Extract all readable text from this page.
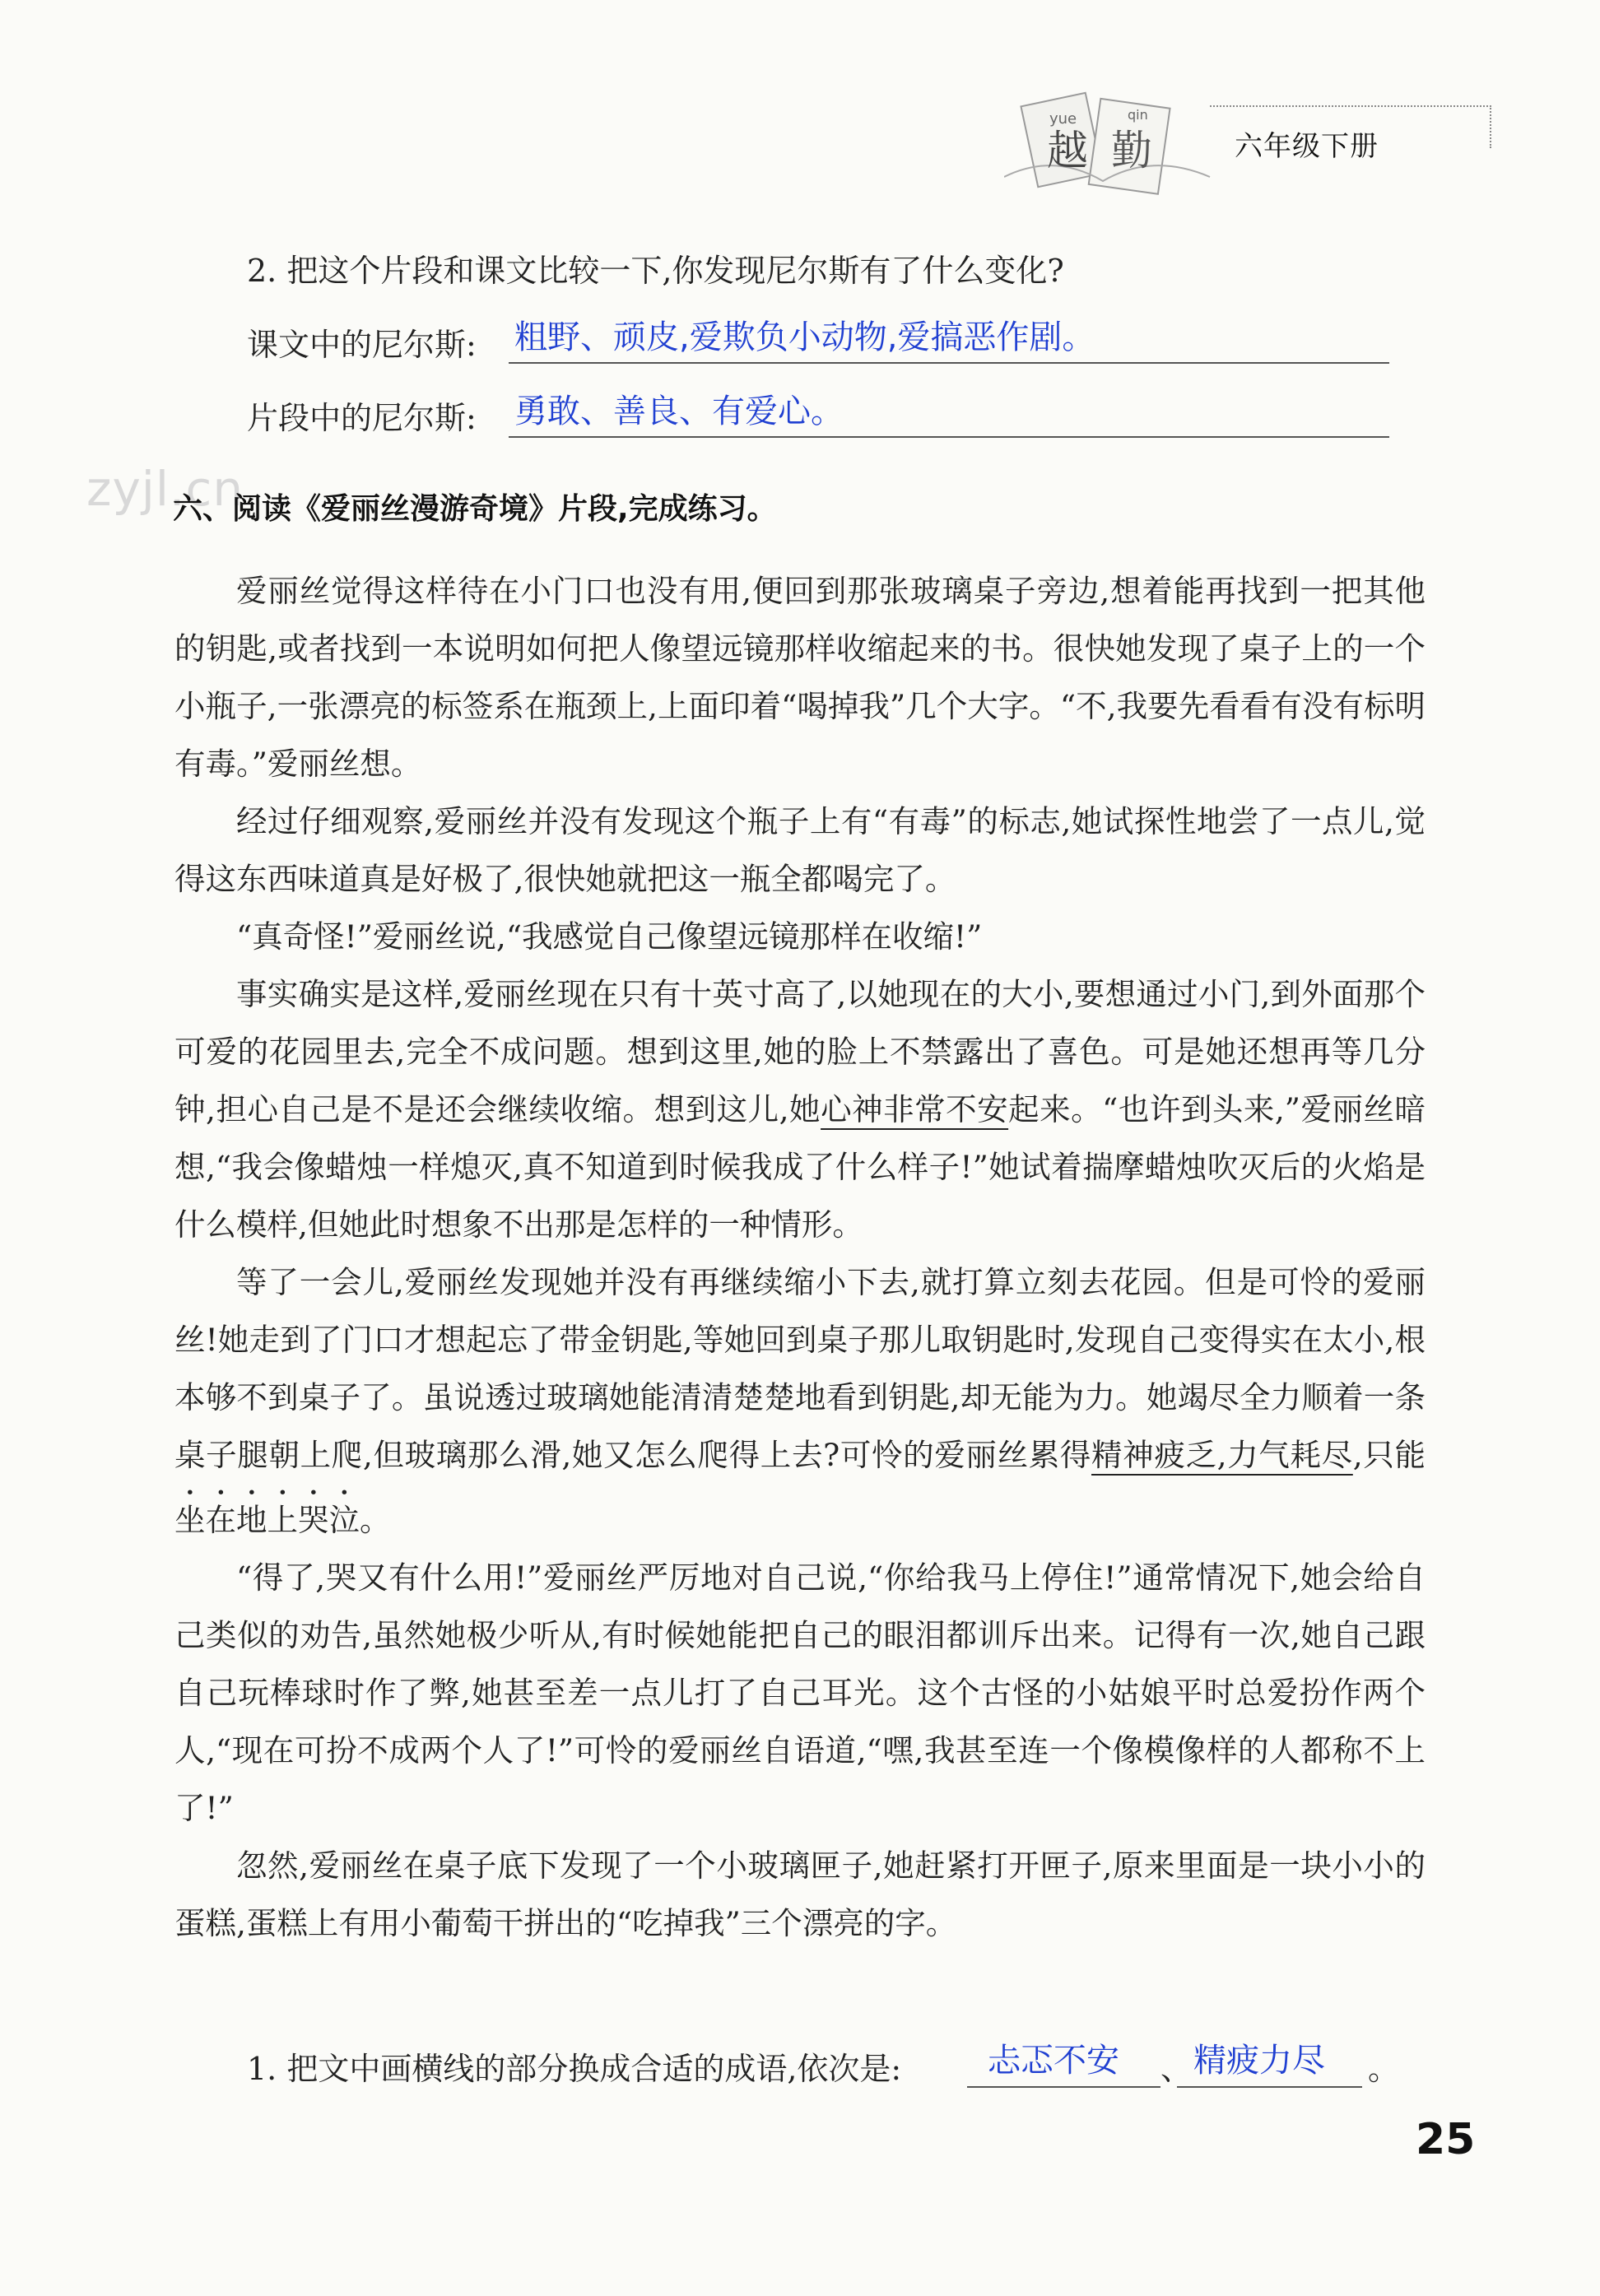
yue	qin
越 勤	六年级下册
zyjl.cn
2. 把这个片段和课文比较一下,你发现尼尔斯有了什么变化?
课文中的尼尔斯: 粗野、顽皮,爱欺负小动物,爱搞恶作剧。
片段中的尼尔斯: 勇敢、善良、有爱心。
六、阅读《爱丽丝漫游奇境》片段,完成练习。

爱丽丝觉得这样待在小门口也没有用,便回到那张玻璃桌子旁边,想着能再找到一把其他的钥匙,或者找到一本说明如何把人像望远镜那样收缩起来的书。很快她发现了桌子上的一个小瓶子,一张漂亮的标签系在瓶颈上,上面印着“喝掉我”几个大字。“不,我要先看看有没有标明有毒。”爱丽丝想。

经过仔细观察,爱丽丝并没有发现这个瓶子上有“有毒”的标志,她试探性地尝了一点儿,觉得这东西味道真是好极了,很快她就把这一瓶全都喝完了。

“真奇怪!”爱丽丝说,“我感觉自己像望远镜那样在收缩!”

事实确实是这样,爱丽丝现在只有十英寸高了,以她现在的大小,要想通过小门,到外面那个可爱的花园里去,完全不成问题。想到这里,她的脸上不禁露出了喜色。可是她还想再等几分钟,担心自己是不是还会继续收缩。想到这儿,她心神非常不安起来。“也许到头来,”爱丽丝暗想,“我会像蜡烛一样熄灭,真不知道到时候我成了什么样子!”她试着揣摩蜡烛吹灭后的火焰是什么模样,但她此时想象不出那是怎样的一种情形。

等了一会儿,爱丽丝发现她并没有再继续缩小下去,就打算立刻去花园。但是可怜的爱丽丝!她走到了门口才想起忘了带金钥匙,等她回到桌子那儿取钥匙时,发现自己变得实在太小,根本够不到桌子了。虽说透过玻璃她能清清楚楚地看到钥匙,却无能为力。她竭尽全力顺着一条桌子腿朝上爬,但玻璃那么滑,她又怎么爬得上去?可怜的爱丽丝累得精神疲乏,力气耗尽,只能坐在地上哭泣。

“得了,哭又有什么用!”爱丽丝严厉地对自己说,“你给我马上停住!”通常情况下,她会给自己类似的劝告,虽然她极少听从,有时候她能把自己的眼泪都训斥出来。记得有一次,她自己跟自己玩棒球时作了弊,她甚至差一点儿打了自己耳光。这个古怪的小姑娘平时总爱扮作两个人,“现在可扮不成两个人了!”可怜的爱丽丝自语道,“嘿,我甚至连一个像模像样的人都称不上了!”

忽然,爱丽丝在桌子底下发现了一个小玻璃匣子,她赶紧打开匣子,原来里面是一块小小的蛋糕,蛋糕上有用小葡萄干拼出的“吃掉我”三个漂亮的字。

1. 把文中画横线的部分换成合适的成语,依次是:	忐忑不安 、 精疲力尽 。
25
